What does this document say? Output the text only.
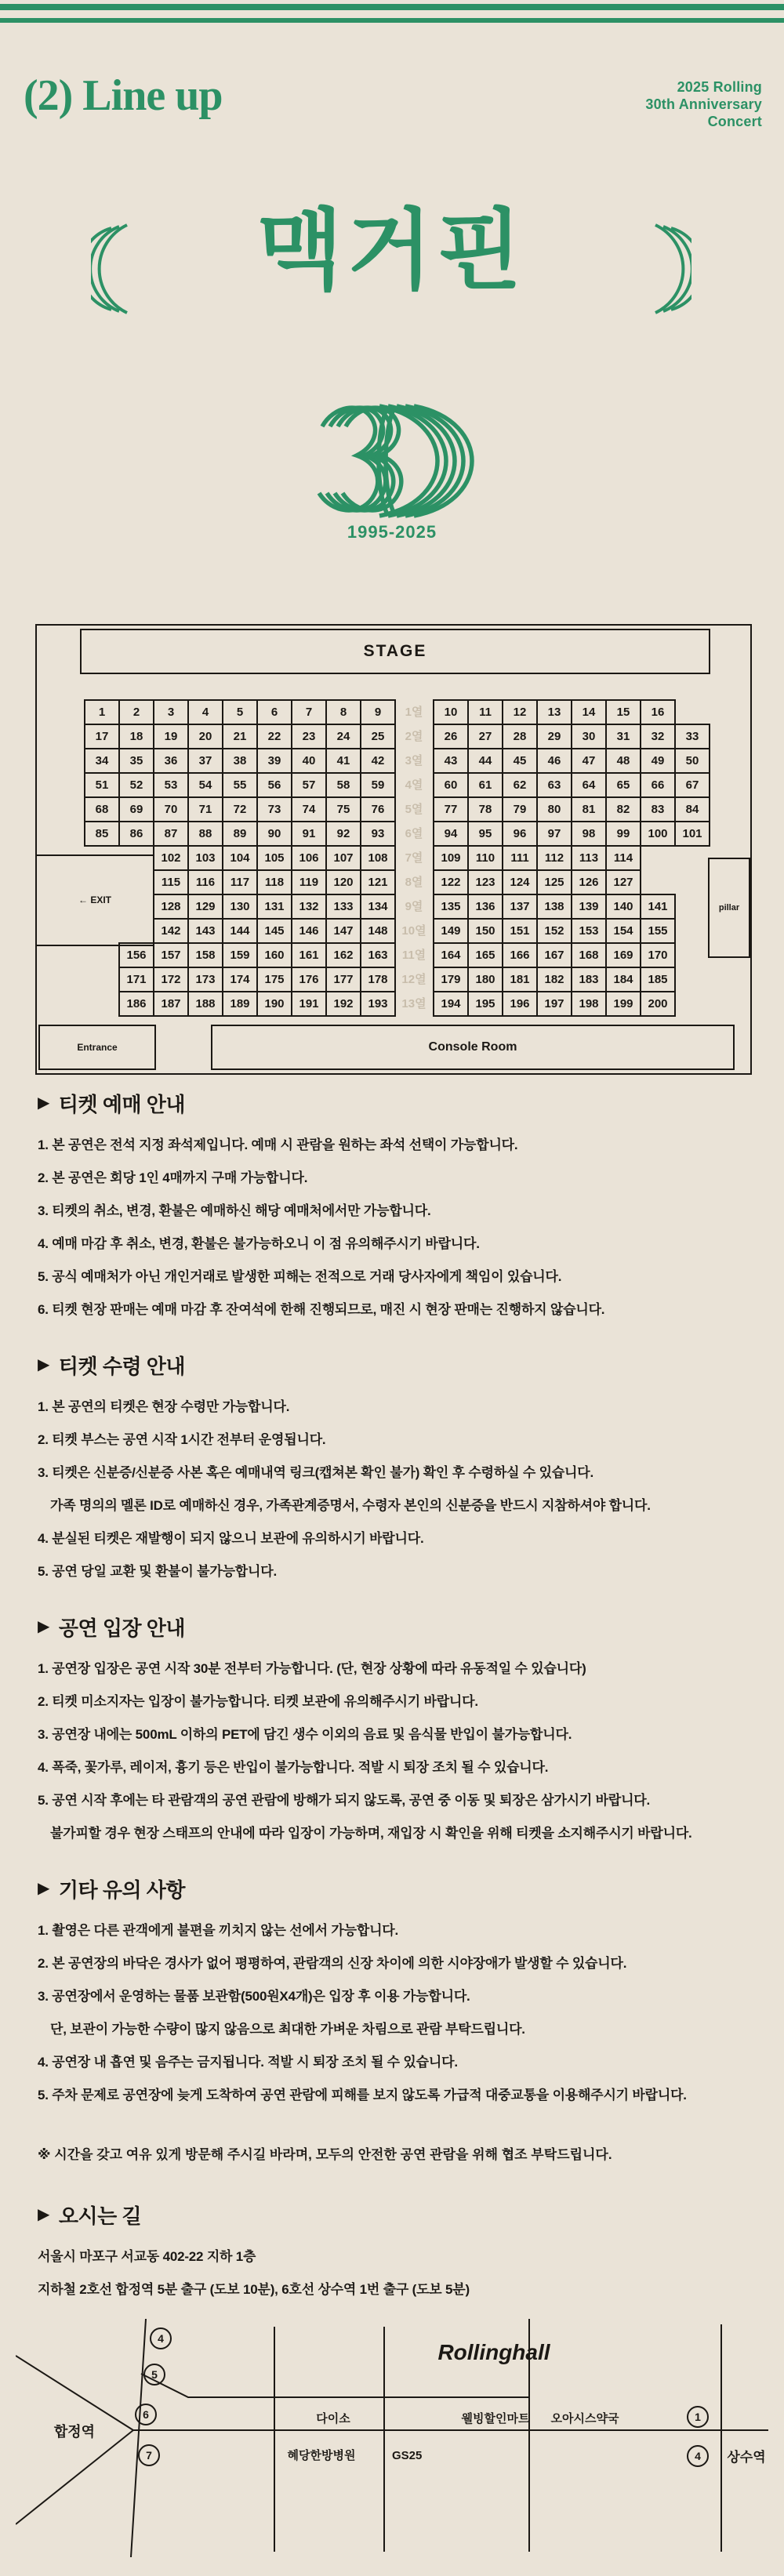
(2) Line up	2025 Rolling
30th Anniversary
Concert
맥거핀
1995-2025
STAGE
1	2	3	4	5	6	7	8	9	1열	10	11	12	13	14	15	16
17	18	19	20	21	22	23	24	25	2열	26	27	28	29	30	31	32	33
34	35	36	37	38	39	40	41	42	3열	43	44	45	46	47	48	49	50
51	52	53	54	55	56	57	58	59	4열	60	61	62	63	64	65	66	67
68	69	70	71	72	73	74	75	76	5열	77	78	79	80	81	82	83	84
85	86	87	88	89	90	91	92	93	6열	94	95	96	97	98	99	100	101
102	103	104	105	106	107	108	7열	109	110	111	112	113	114
115	116	117	118	119	120	121	8열	122	123	124	125	126	127
128	129	130	131	132	133	134	9열	135	136	137	138	139	140	141
142	143	144	145	146	147	148	10열	149	150	151	152	153	154	155
156	157	158	159	160	161	162	163	11열	164	165	166	167	168	169	170
171	172	173	174	175	176	177	178	12열	179	180	181	182	183	184	185
186	187	188	189	190	191	192	193	13열	194	195	196	197	198	199	200
← EXIT
pillar
Entrance	Console Room
▶ 티켓 예매 안내
1. 본 공연은 전석 지정 좌석제입니다. 예매 시 관람을 원하는 좌석 선택이 가능합니다.
2. 본 공연은 회당 1인 4매까지 구매 가능합니다.
3. 티켓의 취소, 변경, 환불은 예매하신 해당 예매처에서만 가능합니다.
4. 예매 마감 후 취소, 변경, 환불은 불가능하오니 이 점 유의해주시기 바랍니다.
5. 공식 예매처가 아닌 개인거래로 발생한 피해는 전적으로 거래 당사자에게 책임이 있습니다.
6. 티켓 현장 판매는 예매 마감 후 잔여석에 한해 진행되므로, 매진 시 현장 판매는 진행하지 않습니다.
▶ 티켓 수령 안내
1. 본 공연의 티켓은 현장 수령만 가능합니다.
2. 티켓 부스는 공연 시작 1시간 전부터 운영됩니다.
3. 티켓은 신분증/신분증 사본 혹은 예매내역 링크(캡쳐본 확인 불가) 확인 후 수령하실 수 있습니다.
가족 명의의 멜론 ID로 예매하신 경우, 가족관계증명서, 수령자 본인의 신분증을 반드시 지참하셔야 합니다.
4. 분실된 티켓은 재발행이 되지 않으니 보관에 유의하시기 바랍니다.
5. 공연 당일 교환 및 환불이 불가능합니다.
▶ 공연 입장 안내
1. 공연장 입장은 공연 시작 30분 전부터 가능합니다. (단, 현장 상황에 따라 유동적일 수 있습니다)
2. 티켓 미소지자는 입장이 불가능합니다. 티켓 보관에 유의해주시기 바랍니다.
3. 공연장 내에는 500mL 이하의 PET에 담긴 생수 이외의 음료 및 음식물 반입이 불가능합니다.
4. 폭죽, 꽃가루, 레이저, 흉기 등은 반입이 불가능합니다. 적발 시 퇴장 조치 될 수 있습니다.
5. 공연 시작 후에는 타 관람객의 공연 관람에 방해가 되지 않도록, 공연 중 이동 및 퇴장은 삼가시기 바랍니다.
불가피할 경우 현장 스태프의 안내에 따라 입장이 가능하며, 재입장 시 확인을 위해 티켓을 소지해주시기 바랍니다.
▶ 기타 유의 사항
1. 촬영은 다른 관객에게 불편을 끼치지 않는 선에서 가능합니다.
2. 본 공연장의 바닥은 경사가 없어 평평하여, 관람객의 신장 차이에 의한 시야장애가 발생할 수 있습니다.
3. 공연장에서 운영하는 물품 보관함(500원X4개)은 입장 후 이용 가능합니다.
단, 보관이 가능한 수량이 많지 않음으로 최대한 가벼운 차림으로 관람 부탁드립니다.
4. 공연장 내 흡연 및 음주는 금지됩니다. 적발 시 퇴장 조치 될 수 있습니다.
5. 주차 문제로 공연장에 늦게 도착하여 공연 관람에 피해를 보지 않도록 가급적 대중교통을 이용해주시기 바랍니다.
※ 시간을 갖고 여유 있게 방문해 주시길 바라며, 모두의 안전한 공연 관람을 위해 협조 부탁드립니다.
▶ 오시는 길
서울시 마포구 서교동 402-22 지하 1층
지하철 2호선 합정역 5분 출구 (도보 10분), 6호선 상수역 1번 출구 (도보 5분)
Rollinghall
합정역
상수역
4
5
6
7
1
4
다이소	웰빙할인마트 오아시스약국
혜당한방병원	GS25
